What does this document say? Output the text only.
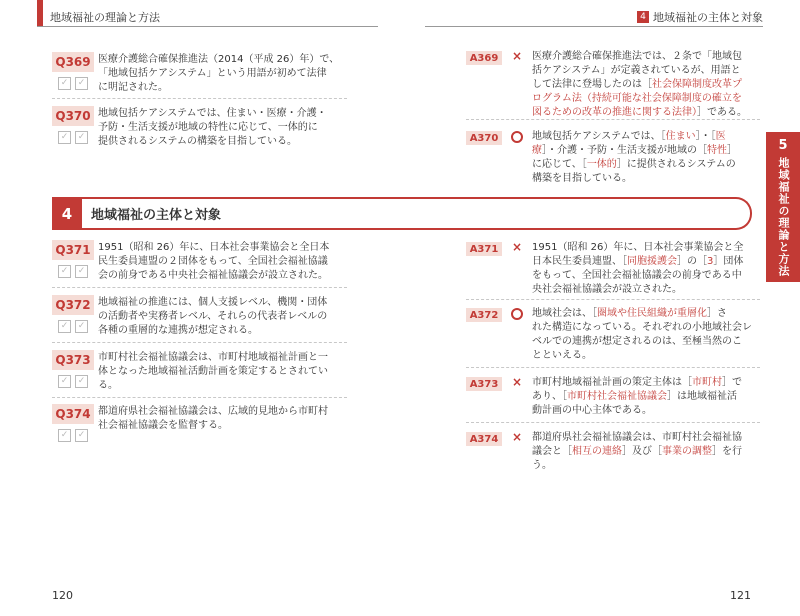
地域福祉の理論と方法	4 地域福祉の主体と対象
5
地域福祉の理論と方法
Q369
✓	✓
医療介護総合確保推進法（2014（平成 26）年）で、
「地域包括ケアシステム」という用語が初めて法律
に明記された。
Q370
✓	✓
地域包括ケアシステムでは、住まい・医療・介護・
予防・生活支援が地域の特性に応じて、一体的に
提供されるシステムの構築を目指している。
A369	× 医療介護総合確保推進法では、２条で「地域包
括ケアシステム」が定義されているが、用語と
して法律に登場したのは［社会保障制度改革プ
ログラム法（持続可能な社会保障制度の確立を
図るための改革の推進に関する法律）］である。
A370	地域包括ケアシステムでは、［住まい］・［医
療］・介護・予防・生活支援が地域の［特性］
に応じて、［一体的］に提供されるシステムの
構築を目指している。
4	地域福祉の主体と対象
Q371
✓	✓
1951（昭和 26）年に、日本社会事業協会と全日本
民生委員連盟の２団体をもって、全国社会福祉協議
会の前身である中央社会福祉協議会が設立された。
Q372
✓	✓
地域福祉の推進には、個人支援レベル、機関・団体
の活動者や実務者レベル、それらの代表者レベルの
各種の重層的な連携が想定される。
Q373
✓	✓
市町村社会福祉協議会は、市町村地域福祉計画と一
体となった地域福祉活動計画を策定するとされてい
る。
Q374
✓	✓
都道府県社会福祉協議会は、広域的見地から市町村
社会福祉協議会を監督する。
A371	× 1951（昭和 26）年に、日本社会事業協会と全
日本民生委員連盟、［同胞援護会］の［3］団体
をもって、全国社会福祉協議会の前身である中
央社会福祉協議会が設立された。
A372	地域社会は、［圏域や住民組織が重層化］さ
れた構造になっている。それぞれの小地域社会レ
ベルでの連携が想定されるのは、至極当然のこ
とといえる。
A373	× 市町村地域福祉計画の策定主体は［市町村］で
あり、［市町村社会福祉協議会］は地域福祉活
動計画の中心主体である。
A374	× 都道府県社会福祉協議会は、市町村社会福祉協
議会と［相互の連絡］及び［事業の調整］を行
う。
120	121
